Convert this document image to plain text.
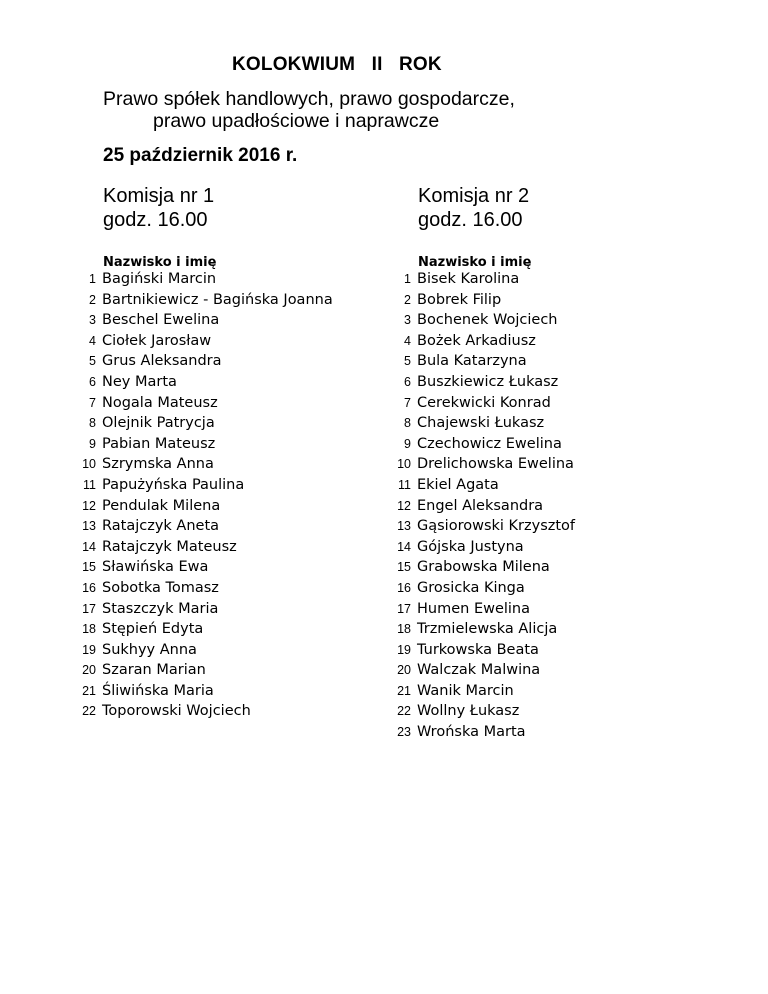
KOLOKWIUM   II   ROK
Prawo spółek handlowych, prawo gospodarcze,
prawo upadłościowe i naprawcze
25 październik 2016 r.
Komisja nr 1
godz. 16.00
Komisja nr 2
godz. 16.00
Nazwisko i imię	Nazwisko i imię
1 Bagiński Marcin
2 Bartnikiewicz - Bagińska Joanna
3 Beschel Ewelina
4 Ciołek Jarosław
5 Grus Aleksandra
6 Ney Marta
7 Nogala Mateusz
8 Olejnik Patrycja
9 Pabian Mateusz
10 Szrymska Anna
11 Papużyńska Paulina
12 Pendulak Milena
13 Ratajczyk Aneta
14 Ratajczyk Mateusz
15 Sławińska Ewa
16 Sobotka Tomasz
17 Staszczyk Maria
18 Stępień Edyta
19 Sukhyy Anna
20 Szaran Marian
21 Śliwińska Maria
22 Toporowski Wojciech
1 Bisek Karolina
2 Bobrek Filip
3 Bochenek Wojciech
4 Bożek Arkadiusz
5 Bula Katarzyna
6 Buszkiewicz Łukasz
7 Cerekwicki Konrad
8 Chajewski Łukasz
9 Czechowicz Ewelina
10 Drelichowska Ewelina
11 Ekiel Agata
12 Engel Aleksandra
13 Gąsiorowski Krzysztof
14 Gójska Justyna
15 Grabowska Milena
16 Grosicka Kinga
17 Humen Ewelina
18 Trzmielewska Alicja
19 Turkowska Beata
20 Walczak Malwina
21 Wanik Marcin
22 Wollny Łukasz
23 Wrońska Marta
